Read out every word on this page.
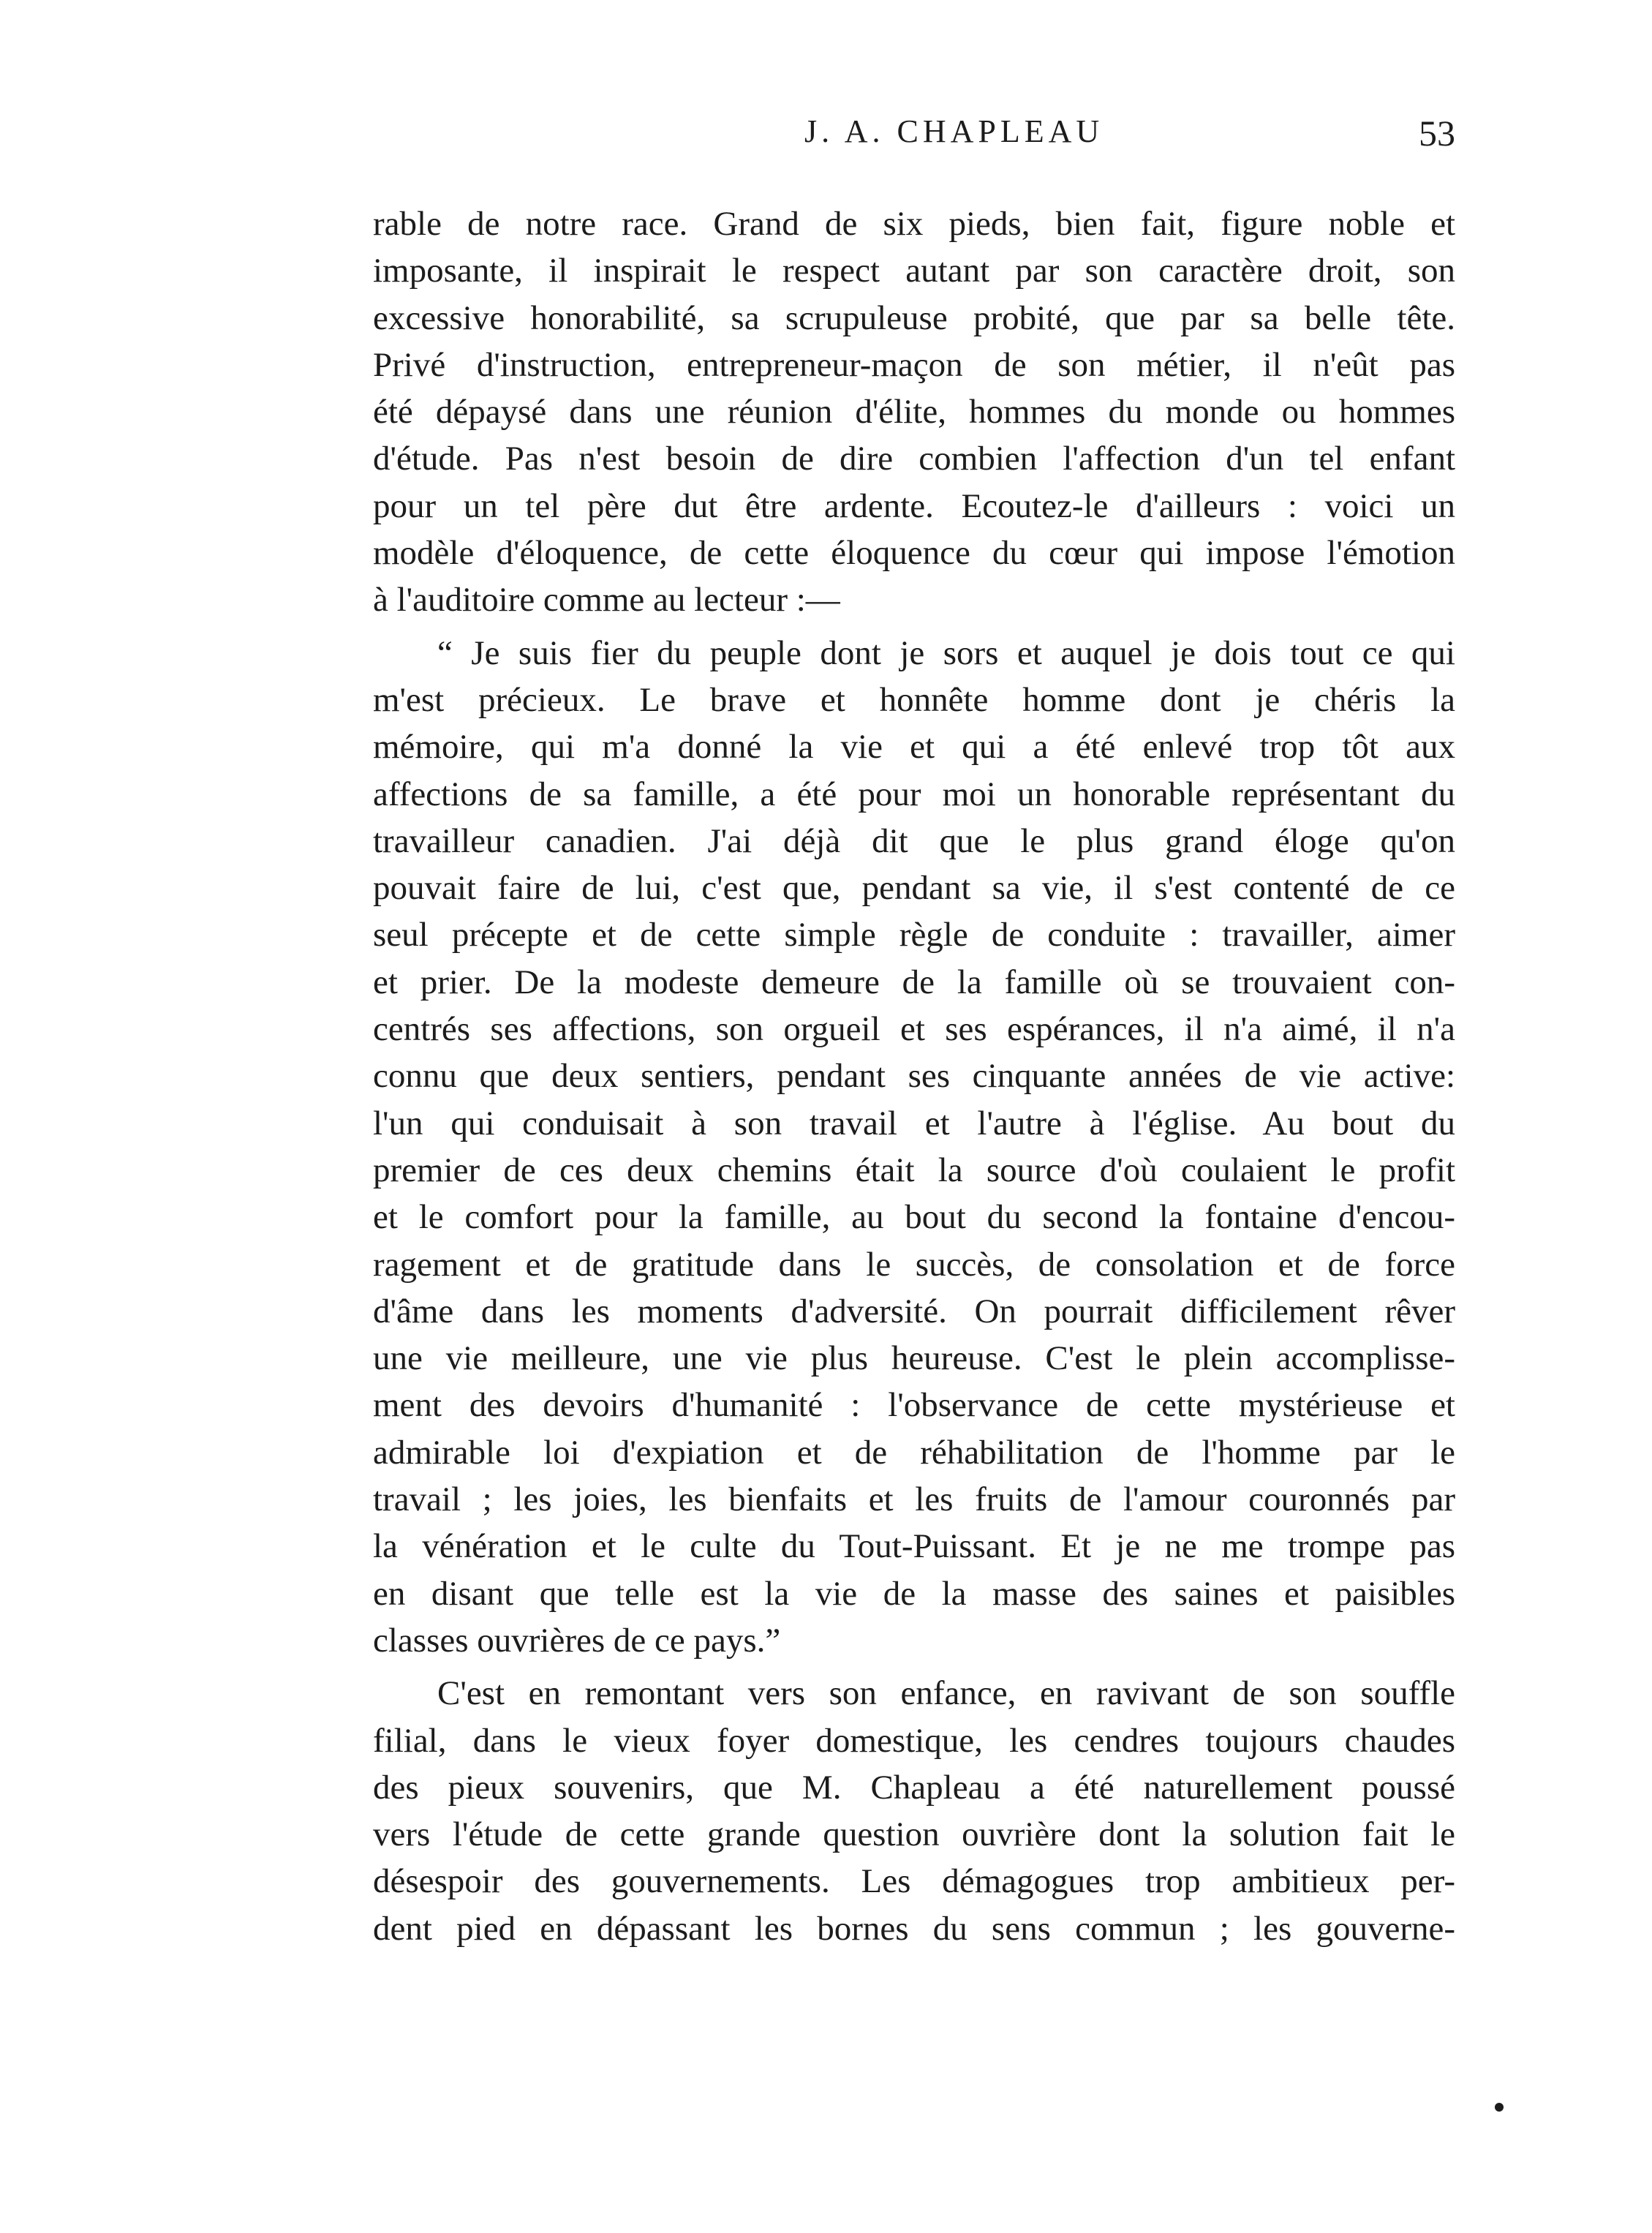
J. A. CHAPLEAU	53
rable de notre race. Grand de six pieds, bien fait, figure noble et
imposante, il inspirait le respect autant par son caractère droit, son
excessive honorabilité, sa scrupuleuse probité, que par sa belle tête.
Privé d'instruction, entrepreneur-maçon de son métier, il n'eût pas
été dépaysé dans une réunion d'élite, hommes du monde ou hommes
d'étude. Pas n'est besoin de dire combien l'affection d'un tel enfant
pour un tel père dut être ardente. Ecoutez-le d'ailleurs : voici un
modèle d'éloquence, de cette éloquence du cœur qui impose l'émotion
à l'auditoire comme au lecteur :—
“ Je suis fier du peuple dont je sors et auquel je dois tout ce qui
m'est précieux. Le brave et honnête homme dont je chéris la
mémoire, qui m'a donné la vie et qui a été enlevé trop tôt aux
affections de sa famille, a été pour moi un honorable représentant du
travailleur canadien. J'ai déjà dit que le plus grand éloge qu'on
pouvait faire de lui, c'est que, pendant sa vie, il s'est contenté de ce
seul précepte et de cette simple règle de conduite : travailler, aimer
et prier. De la modeste demeure de la famille où se trouvaient con-
centrés ses affections, son orgueil et ses espérances, il n'a aimé, il n'a
connu que deux sentiers, pendant ses cinquante années de vie active:
l'un qui conduisait à son travail et l'autre à l'église. Au bout du
premier de ces deux chemins était la source d'où coulaient le profit
et le comfort pour la famille, au bout du second la fontaine d'encou-
ragement et de gratitude dans le succès, de consolation et de force
d'âme dans les moments d'adversité. On pourrait difficilement rêver
une vie meilleure, une vie plus heureuse. C'est le plein accomplisse-
ment des devoirs d'humanité : l'observance de cette mystérieuse et
admirable loi d'expiation et de réhabilitation de l'homme par le
travail ; les joies, les bienfaits et les fruits de l'amour couronnés par
la vénération et le culte du Tout-Puissant. Et je ne me trompe pas
en disant que telle est la vie de la masse des saines et paisibles
classes ouvrières de ce pays.”
C'est en remontant vers son enfance, en ravivant de son souffle
filial, dans le vieux foyer domestique, les cendres toujours chaudes
des pieux souvenirs, que M. Chapleau a été naturellement poussé
vers l'étude de cette grande question ouvrière dont la solution fait le
désespoir des gouvernements. Les démagogues trop ambitieux per-
dent pied en dépassant les bornes du sens commun ; les gouverne-
